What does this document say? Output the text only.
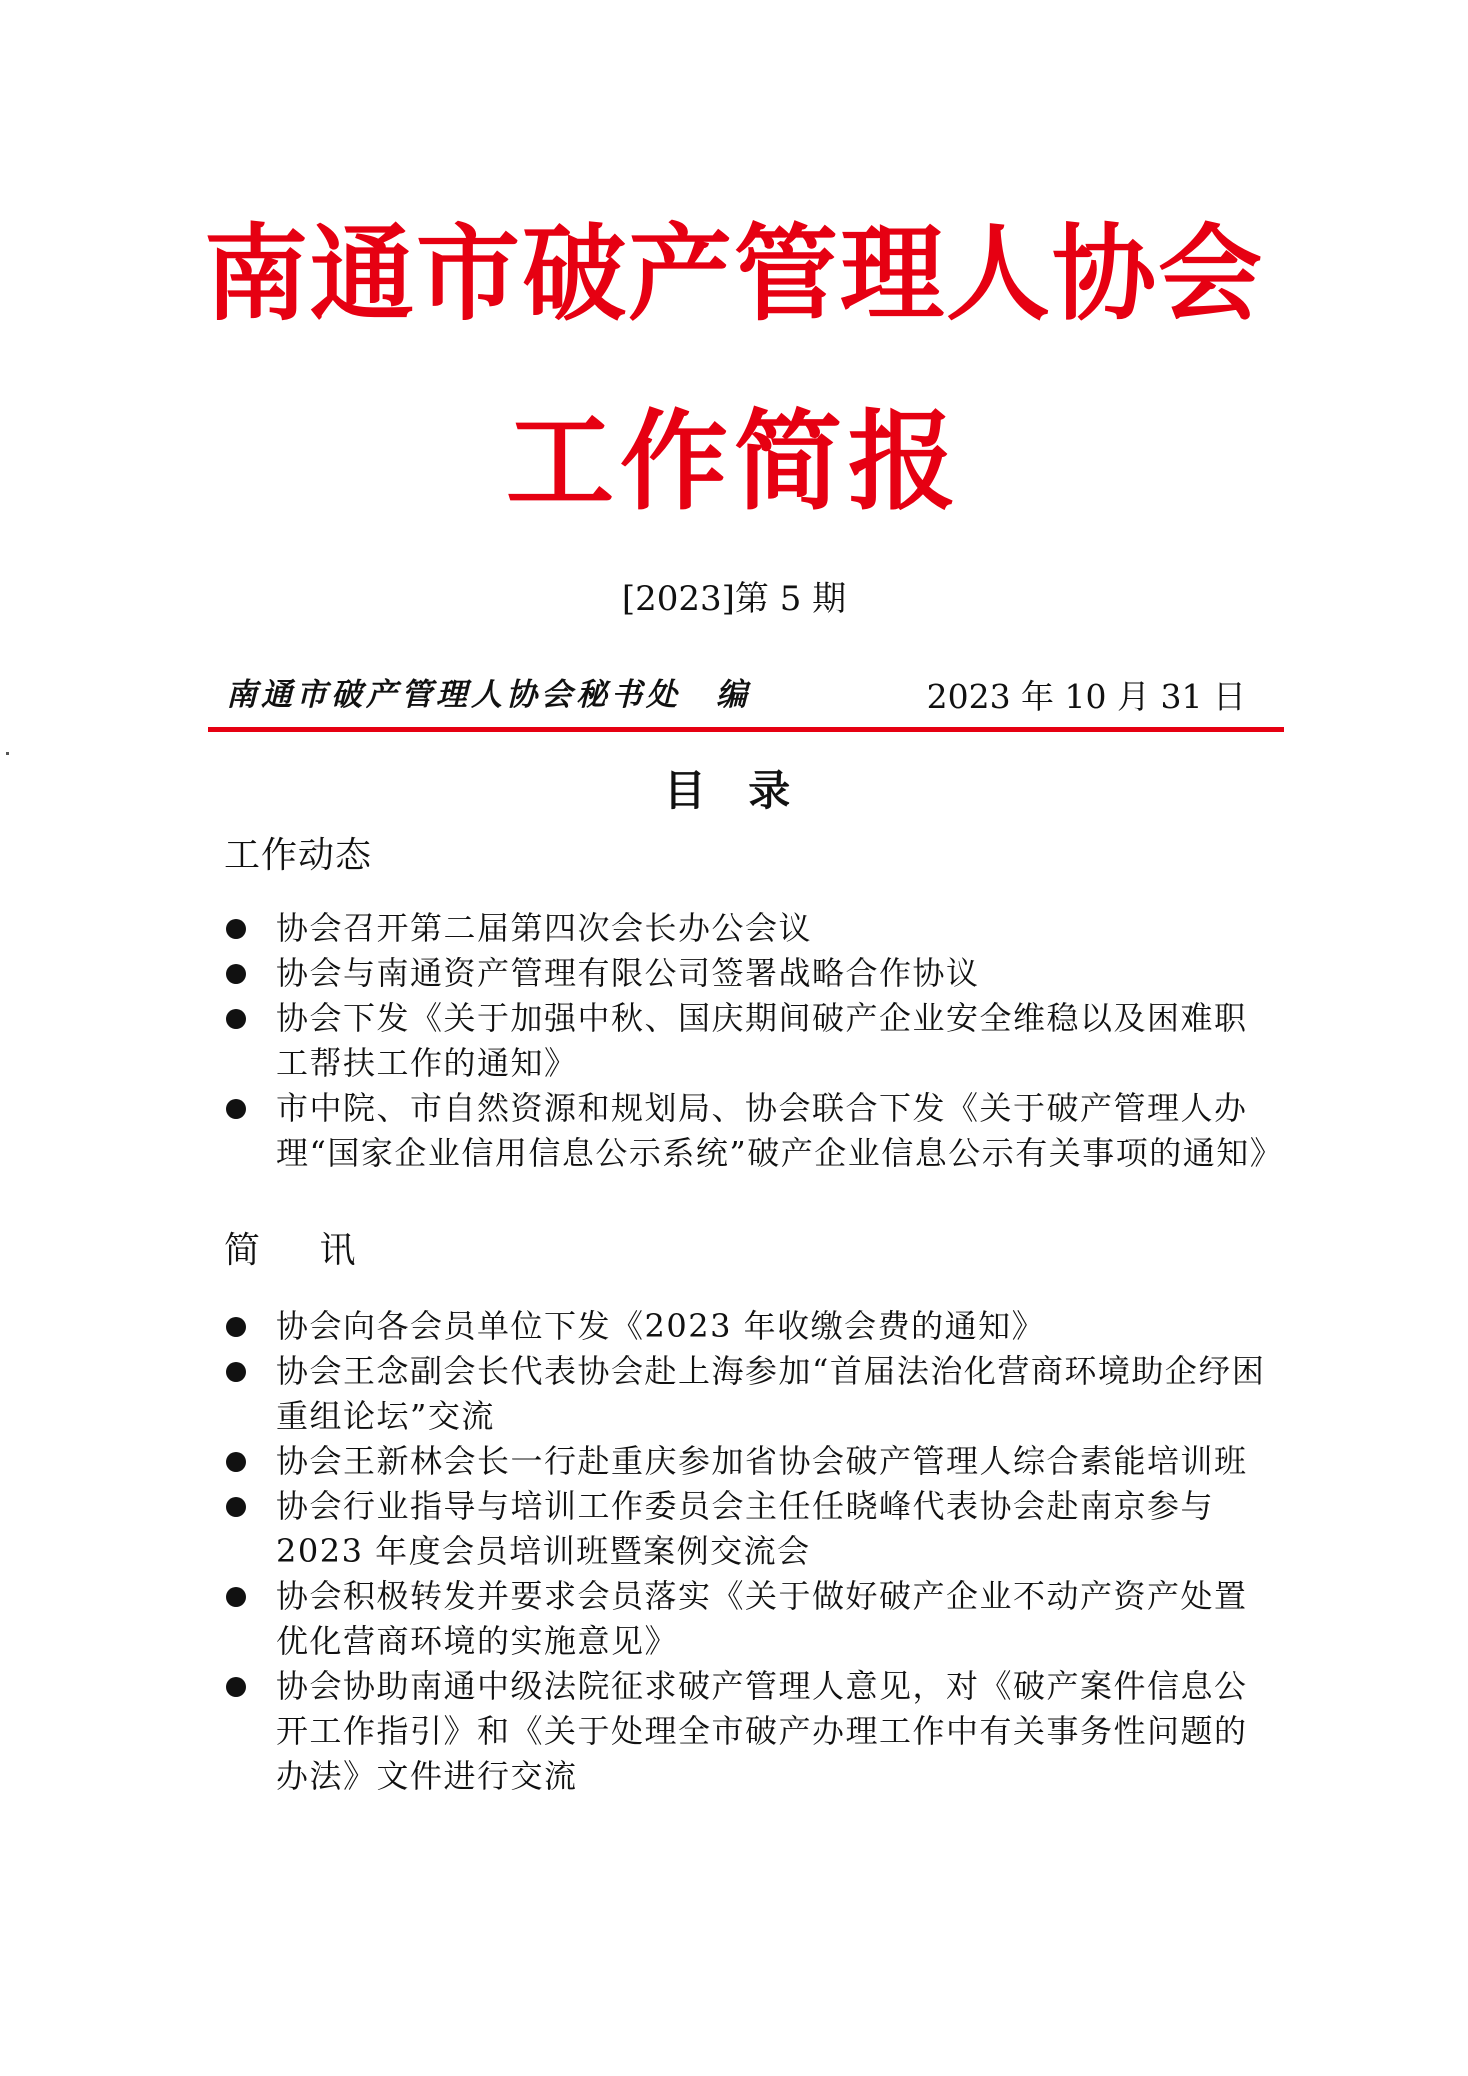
南通市破产管理人协会
工作简报
[2023]第 5 期
南通市破产管理人协会秘书处　编	2023 年 10 月 31 日
目 录
工作动态
协会召开第二届第四次会长办公会议
协会与南通资产管理有限公司签署战略合作协议
协会下发《关于加强中秋、国庆期间破产企业安全维稳以及困难职工帮扶工作的通知》
市中院、市自然资源和规划局、协会联合下发《关于破产管理人办理“国家企业信用信息公示系统”破产企业信息公示有关事项的通知》
简 讯
协会向各会员单位下发《2023 年收缴会费的通知》
协会王念副会长代表协会赴上海参加“首届法治化营商环境助企纾困重组论坛”交流
协会王新林会长一行赴重庆参加省协会破产管理人综合素能培训班
协会行业指导与培训工作委员会主任任晓峰代表协会赴南京参与 2023 年度会员培训班暨案例交流会
协会积极转发并要求会员落实《关于做好破产企业不动产资产处置优化营商环境的实施意见》
协会协助南通中级法院征求破产管理人意见，对《破产案件信息公开工作指引》和《关于处理全市破产办理工作中有关事务性问题的办法》文件进行交流
